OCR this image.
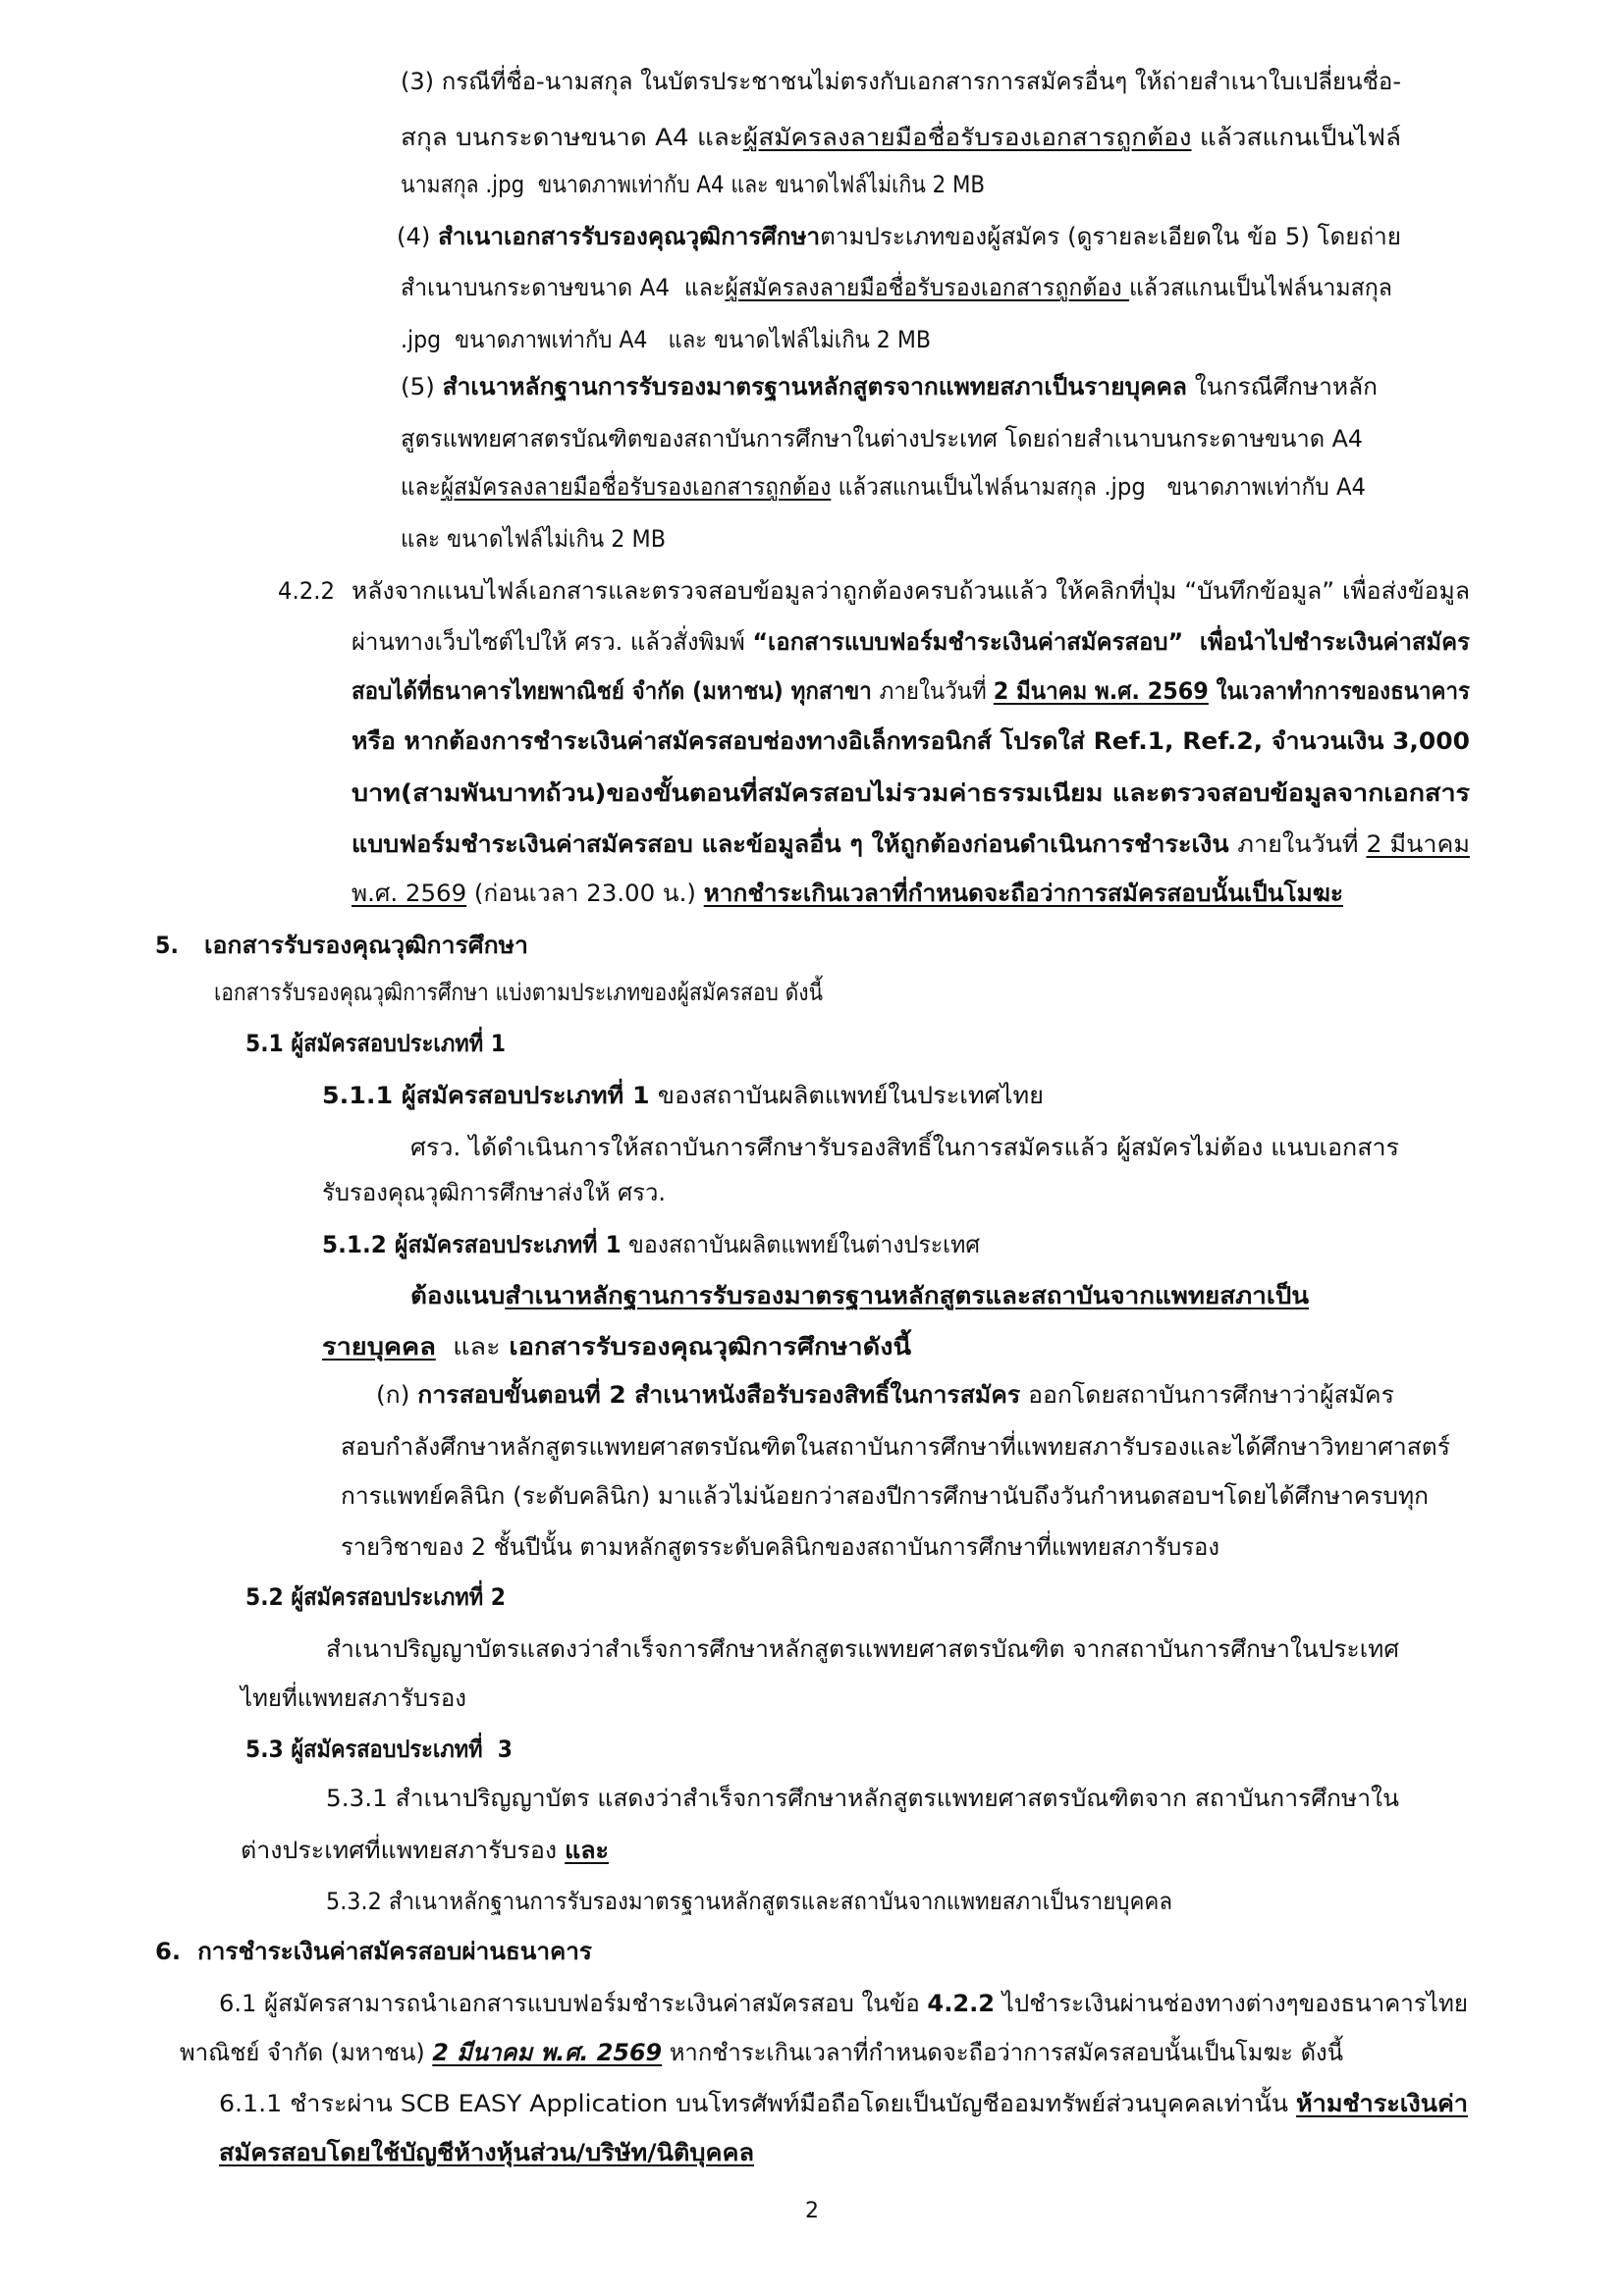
(3) กรณีที่ชื่อ-นามสกุล ในบัตรประชาชนไม่ตรงกับเอกสารการสมัครอื่นๆ ให้ถ่ายสำเนาใบเปลี่ยนชื่อ-
สกุล บนกระดาษขนาด A4 และผู้สมัครลงลายมือชื่อรับรองเอกสารถูกต้อง แล้วสแกนเป็นไฟล์
นามสกุล .jpg  ขนาดภาพเท่ากับ A4 และ ขนาดไฟล์ไม่เกิน 2 MB
(4) สำเนาเอกสารรับรองคุณวุฒิการศึกษาตามประเภทของผู้สมัคร (ดูรายละเอียดใน ข้อ 5) โดยถ่าย
สำเนาบนกระดาษขนาด A4  และผู้สมัครลงลายมือชื่อรับรองเอกสารถูกต้อง แล้วสแกนเป็นไฟล์นามสกุล
.jpg  ขนาดภาพเท่ากับ A4   และ ขนาดไฟล์ไม่เกิน 2 MB
(5) สำเนาหลักฐานการรับรองมาตรฐานหลักสูตรจากแพทยสภาเป็นรายบุคคล ในกรณีศึกษาหลัก
สูตรแพทยศาสตรบัณฑิตของสถาบันการศึกษาในต่างประเทศ โดยถ่ายสำเนาบนกระดาษขนาด A4
และผู้สมัครลงลายมือชื่อรับรองเอกสารถูกต้อง แล้วสแกนเป็นไฟล์นามสกุล .jpg   ขนาดภาพเท่ากับ A4
และ ขนาดไฟล์ไม่เกิน 2 MB
4.2.2 หลังจากแนบไฟล์เอกสารและตรวจสอบข้อมูลว่าถูกต้องครบถ้วนแล้ว ให้คลิกที่ปุ่ม “บันทึกข้อมูล” เพื่อส่งข้อมูล
ผ่านทางเว็บไซต์ไปให้ ศรว. แล้วสั่งพิมพ์ “เอกสารแบบฟอร์มชำระเงินค่าสมัครสอบ”  เพื่อนำไปชำระเงินค่าสมัคร
สอบได้ที่ธนาคารไทยพาณิชย์ จำกัด (มหาชน) ทุกสาขา ภายในวันที่ 2 มีนาคม พ.ศ. 2569 ในเวลาทำการของธนาคาร
หรือ หากต้องการชำระเงินค่าสมัครสอบช่องทางอิเล็กทรอนิกส์ โปรดใส่ Ref.1, Ref.2, จำนวนเงิน 3,000
บาท(สามพันบาทถ้วน)ของขั้นตอนที่สมัครสอบไม่รวมค่าธรรมเนียม และตรวจสอบข้อมูลจากเอกสาร
แบบฟอร์มชำระเงินค่าสมัครสอบ และข้อมูลอื่น ๆ ให้ถูกต้องก่อนดำเนินการชำระเงิน ภายในวันที่ 2 มีนาคม
พ.ศ. 2569 (ก่อนเวลา 23.00 น.) หากชำระเกินเวลาที่กำหนดจะถือว่าการสมัครสอบนั้นเป็นโมฆะ
5. เอกสารรับรองคุณวุฒิการศึกษา
เอกสารรับรองคุณวุฒิการศึกษา แบ่งตามประเภทของผู้สมัครสอบ ดังนี้
5.1 ผู้สมัครสอบประเภทที่ 1
5.1.1 ผู้สมัครสอบประเภทที่ 1 ของสถาบันผลิตแพทย์ในประเทศไทย
ศรว. ได้ดำเนินการให้สถาบันการศึกษารับรองสิทธิ์ในการสมัครแล้ว ผู้สมัครไม่ต้อง แนบเอกสาร
รับรองคุณวุฒิการศึกษาส่งให้ ศรว.
5.1.2 ผู้สมัครสอบประเภทที่ 1 ของสถาบันผลิตแพทย์ในต่างประเทศ
ต้องแนบสำเนาหลักฐานการรับรองมาตรฐานหลักสูตรและสถาบันจากแพทยสภาเป็น
รายบุคคล  และ เอกสารรับรองคุณวุฒิการศึกษาดังนี้
(ก) การสอบขั้นตอนที่ 2 สำเนาหนังสือรับรองสิทธิ์ในการสมัคร ออกโดยสถาบันการศึกษาว่าผู้สมัคร
สอบกำลังศึกษาหลักสูตรแพทยศาสตรบัณฑิตในสถาบันการศึกษาที่แพทยสภารับรองและได้ศึกษาวิทยาศาสตร์
การแพทย์คลินิก (ระดับคลินิก) มาแล้วไม่น้อยกว่าสองปีการศึกษานับถึงวันกำหนดสอบฯโดยได้ศึกษาครบทุก
รายวิชาของ 2 ชั้นปีนั้น ตามหลักสูตรระดับคลินิกของสถาบันการศึกษาที่แพทยสภารับรอง
5.2 ผู้สมัครสอบประเภทที่ 2
สำเนาปริญญาบัตรแสดงว่าสำเร็จการศึกษาหลักสูตรแพทยศาสตรบัณฑิต จากสถาบันการศึกษาในประเทศ
ไทยที่แพทยสภารับรอง
5.3 ผู้สมัครสอบประเภทที่  3
5.3.1 สำเนาปริญญาบัตร แสดงว่าสำเร็จการศึกษาหลักสูตรแพทยศาสตรบัณฑิตจาก สถาบันการศึกษาใน
ต่างประเทศที่แพทยสภารับรอง และ
5.3.2 สำเนาหลักฐานการรับรองมาตรฐานหลักสูตรและสถาบันจากแพทยสภาเป็นรายบุคคล
6.  การชำระเงินค่าสมัครสอบผ่านธนาคาร
6.1 ผู้สมัครสามารถนำเอกสารแบบฟอร์มชำระเงินค่าสมัครสอบ ในข้อ 4.2.2 ไปชำระเงินผ่านช่องทางต่างๆของธนาคารไทย
พาณิชย์ จำกัด (มหาชน) 2 มีนาคม พ.ศ. 2569 หากชำระเกินเวลาที่กำหนดจะถือว่าการสมัครสอบนั้นเป็นโมฆะ ดังนี้
6.1.1 ชำระผ่าน SCB EASY Application บนโทรศัพท์มือถือโดยเป็นบัญชีออมทรัพย์ส่วนบุคคลเท่านั้น ห้ามชำระเงินค่า
สมัครสอบโดยใช้บัญชีห้างหุ้นส่วน/บริษัท/นิติบุคคล
2
